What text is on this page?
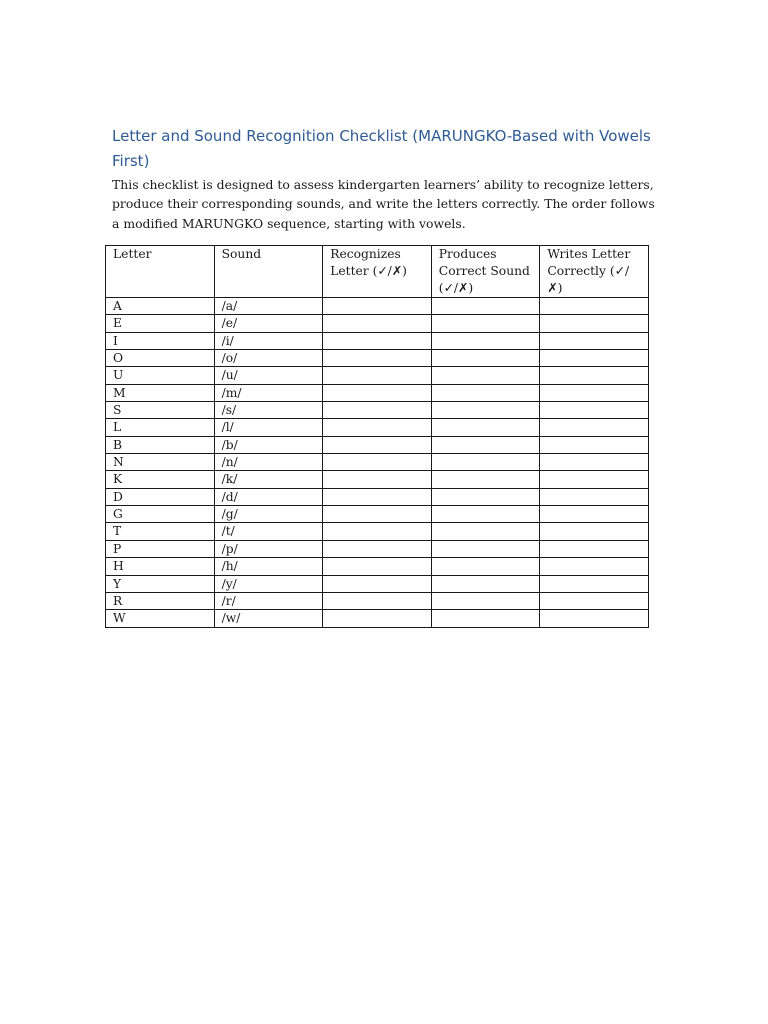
Letter and Sound Recognition Checklist (MARUNGKO-Based with Vowels First)

This checklist is designed to assess kindergarten learners’ ability to recognize letters, produce their corresponding sounds, and write the letters correctly. The order follows a modified MARUNGKO sequence, starting with vowels.

Letter	Sound	Recognizes Letter (✓/✗)	Produces Correct Sound (✓/✗)	Writes Letter Correctly (✓/✗)
A	/a/			
E	/e/			
I	/i/			
O	/o/			
U	/u/			
M	/m/			
S	/s/			
L	/l/			
B	/b/			
N	/n/			
K	/k/			
D	/d/			
G	/g/			
T	/t/			
P	/p/			
H	/h/			
Y	/y/			
R	/r/			
W	/w/			
